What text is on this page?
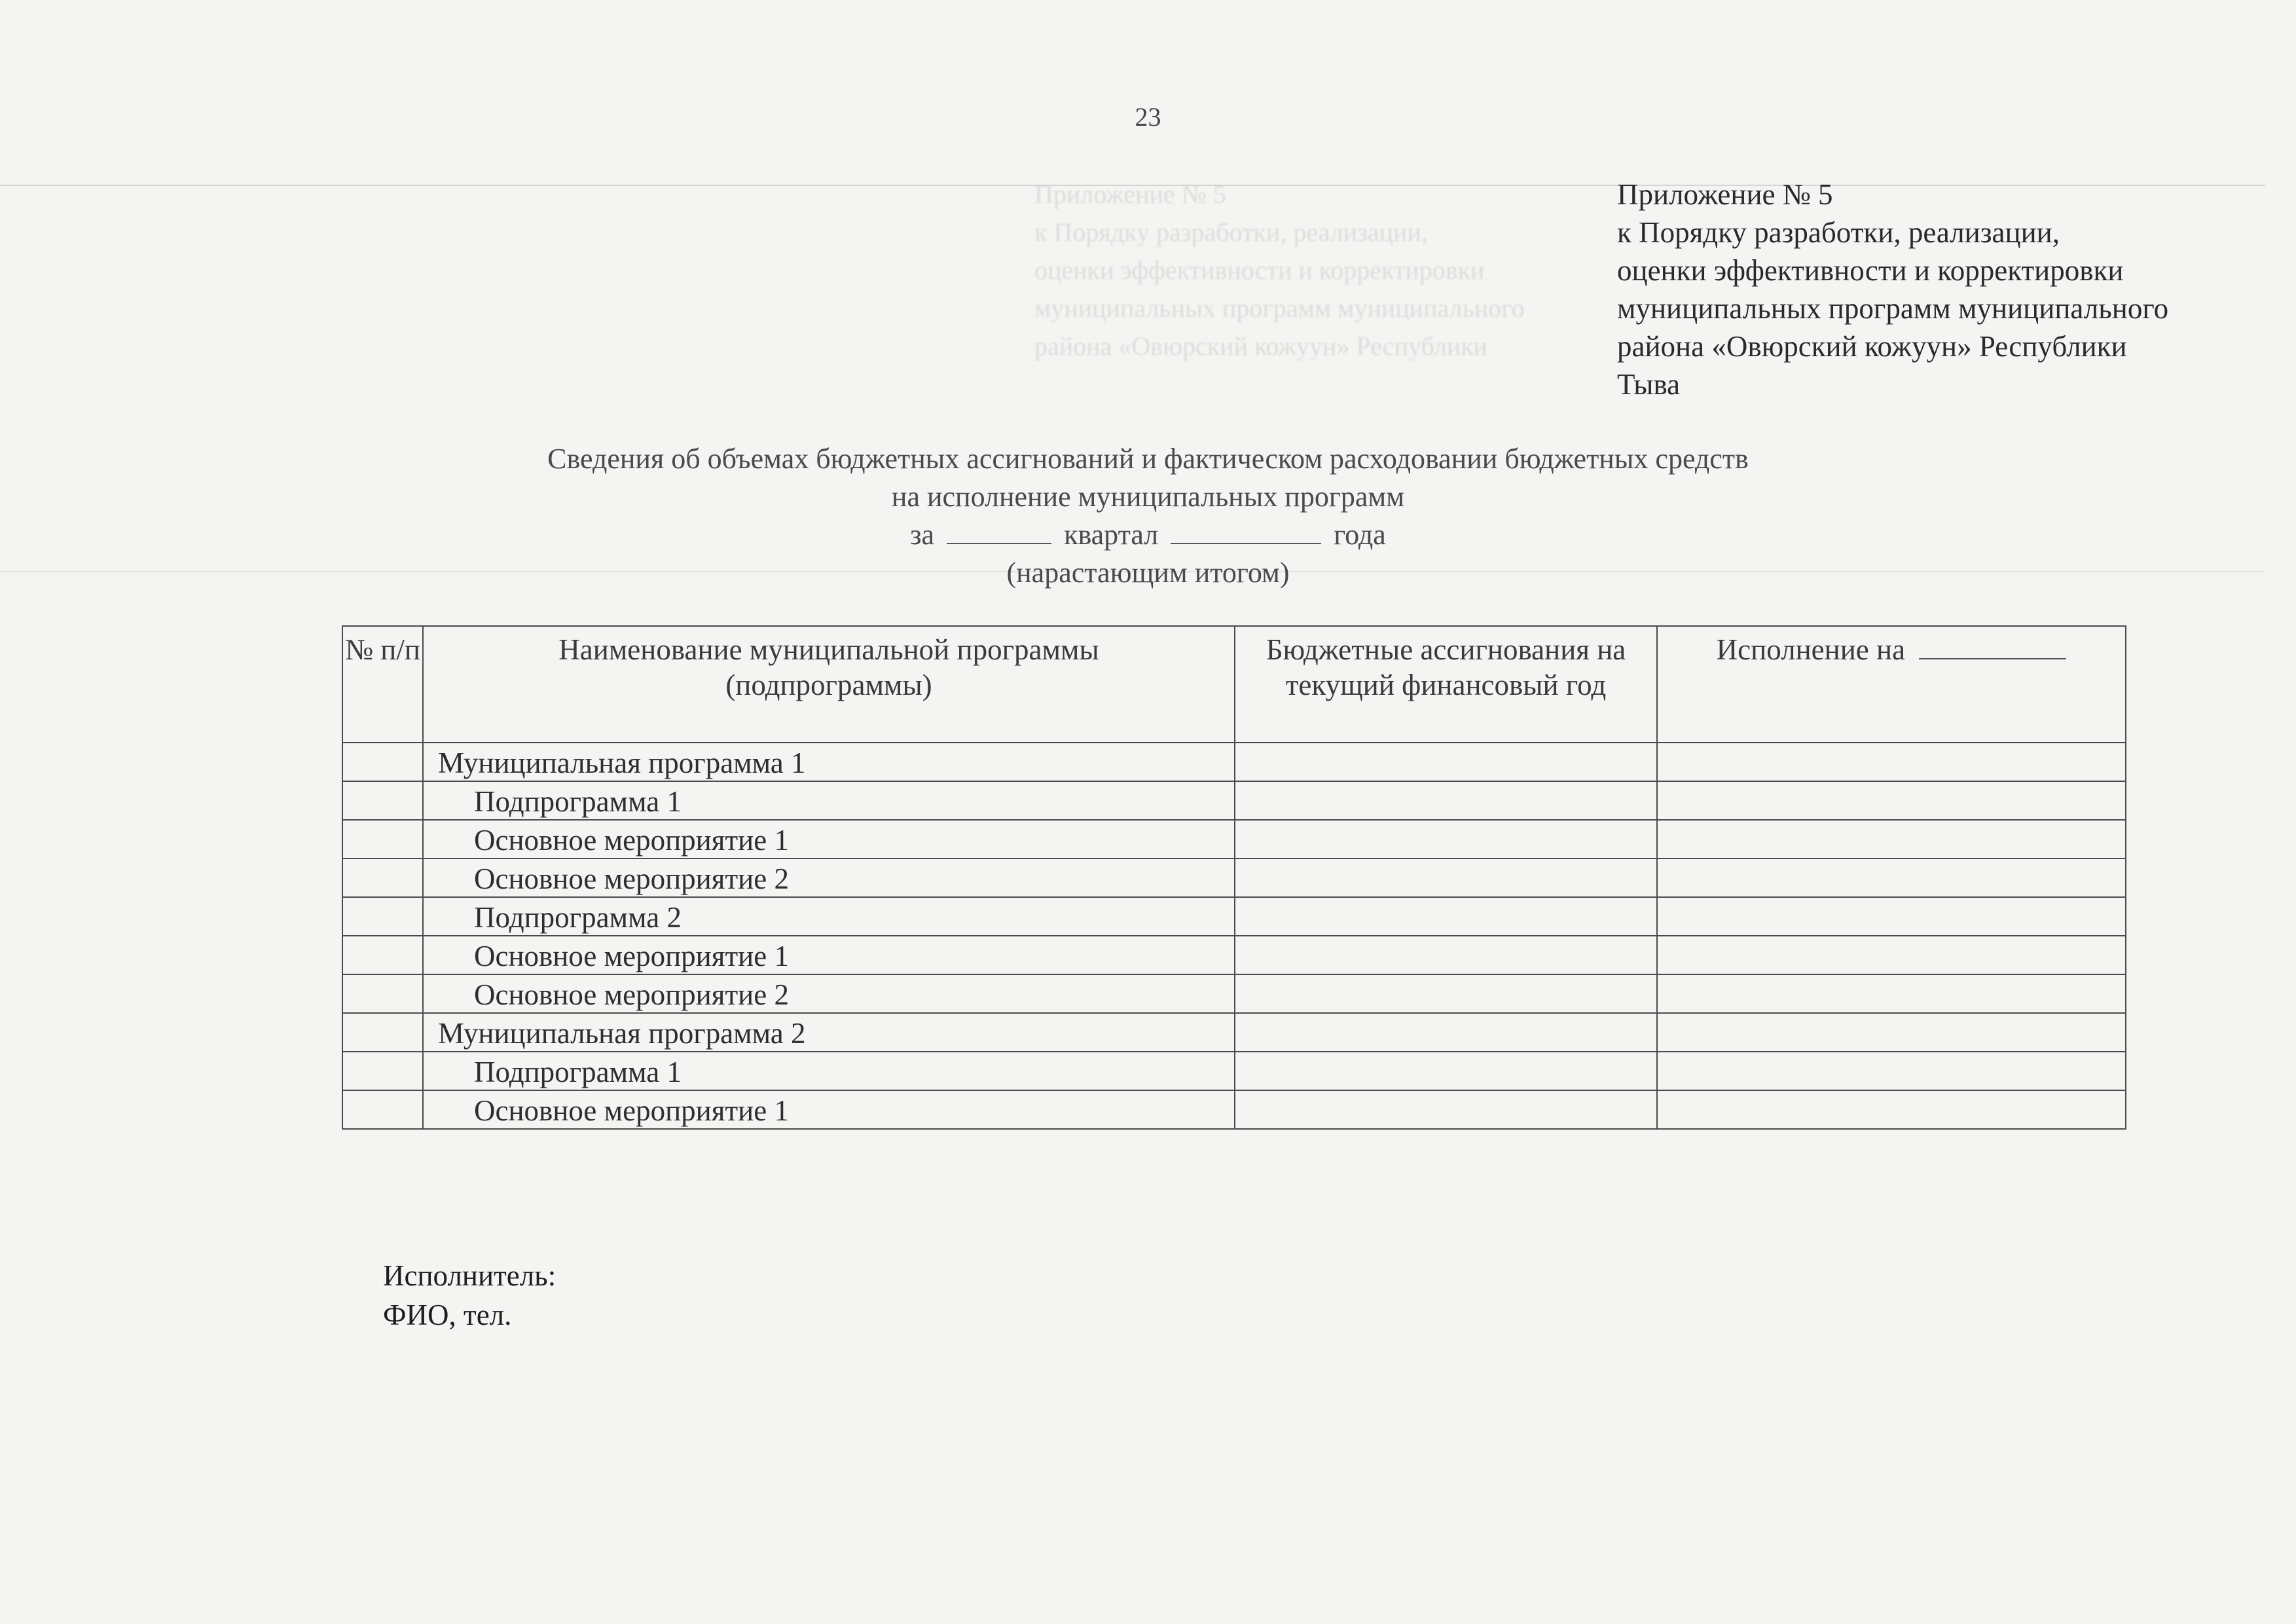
23
Приложение № 5
к Порядку разработки, реализации,
оценки эффективности и корректировки
муниципальных программ муниципального
района «Овюрский кожуун» Республики
Приложение № 5
к Порядку разработки, реализации,
оценки эффективности и корректировки
муниципальных программ муниципального
района «Овюрский кожуун» Республики
Тыва
Сведения об объемах бюджетных ассигнований и фактическом расходовании бюджетных средств
на исполнение муниципальных программ
за	квартал	года
(нарастающим итогом)
№ п/п	Наименование муниципальной программы (подпрограммы)	Бюджетные ассигнования на текущий финансовый год	Исполнение на
	Муниципальная программа 1		
	Подпрограмма 1		
	Основное мероприятие 1		
	Основное мероприятие 2		
	Подпрограмма 2		
	Основное мероприятие 1		
	Основное мероприятие 2		
	Муниципальная программа 2		
	Подпрограмма 1		
	Основное мероприятие 1		
Исполнитель:
ФИО, тел.
